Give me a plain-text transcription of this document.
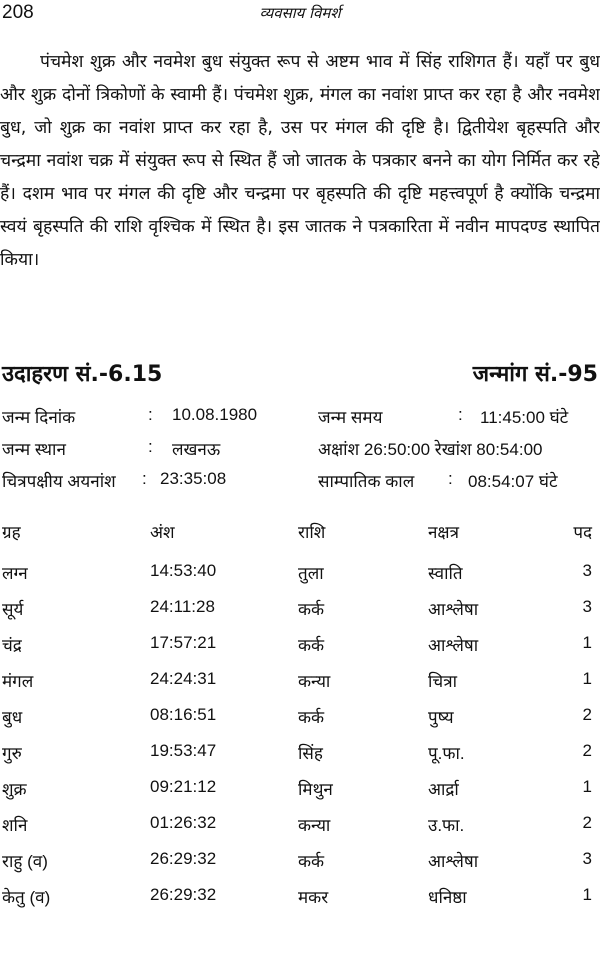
208	व्यवसाय विमर्श
पंचमेश शुक्र और नवमेश बुध संयुक्त रूप से अष्टम भाव में सिंह राशिगत हैं। यहाँ पर बुध और शुक्र दोनों त्रिकोणों के स्वामी हैं। पंचमेश शुक्र, मंगल का नवांश प्राप्त कर रहा है और नवमेश बुध, जो शुक्र का नवांश प्राप्त कर रहा है, उस पर मंगल की दृष्टि है। द्वितीयेश बृहस्पति और चन्द्रमा नवांश चक्र में संयुक्त रूप से स्थित हैं जो जातक के पत्रकार बनने का योग निर्मित कर रहे हैं। दशम भाव पर मंगल की दृष्टि और चन्द्रमा पर बृहस्पति की दृष्टि महत्त्वपूर्ण है क्योंकि चन्द्रमा स्वयं बृहस्पति की राशि वृश्चिक में स्थित है। इस जातक ने पत्रकारिता में नवीन मापदण्ड स्थापित किया।
उदाहरण सं.-6.15	जन्मांग सं.-95
जन्म दिनांक	: 10.08.1980	जन्म समय	: 11:45:00 घंटे
जन्म स्थान	: लखनऊ	अक्षांश 26:50:00 रेखांश 80:54:00
चित्रपक्षीय अयनांश : 23:35:08	साम्पातिक काल : 08:54:07 घंटे
ग्रह	अंश	राशि	नक्षत्र	पद
लग्न	14:53:40	तुला	स्वाति	3
सूर्य	24:11:28	कर्क	आश्लेषा	3
चंद्र	17:57:21	कर्क	आश्लेषा	1
मंगल	24:24:31	कन्या	चित्रा	1
बुध	08:16:51	कर्क	पुष्य	2
गुरु	19:53:47	सिंह	पू.फा.	2
शुक्र	09:21:12	मिथुन	आर्द्रा	1
शनि	01:26:32	कन्या	उ.फा.	2
राहु (व)	26:29:32	कर्क	आश्लेषा	3
केतु (व)	26:29:32	मकर	धनिष्ठा	1
